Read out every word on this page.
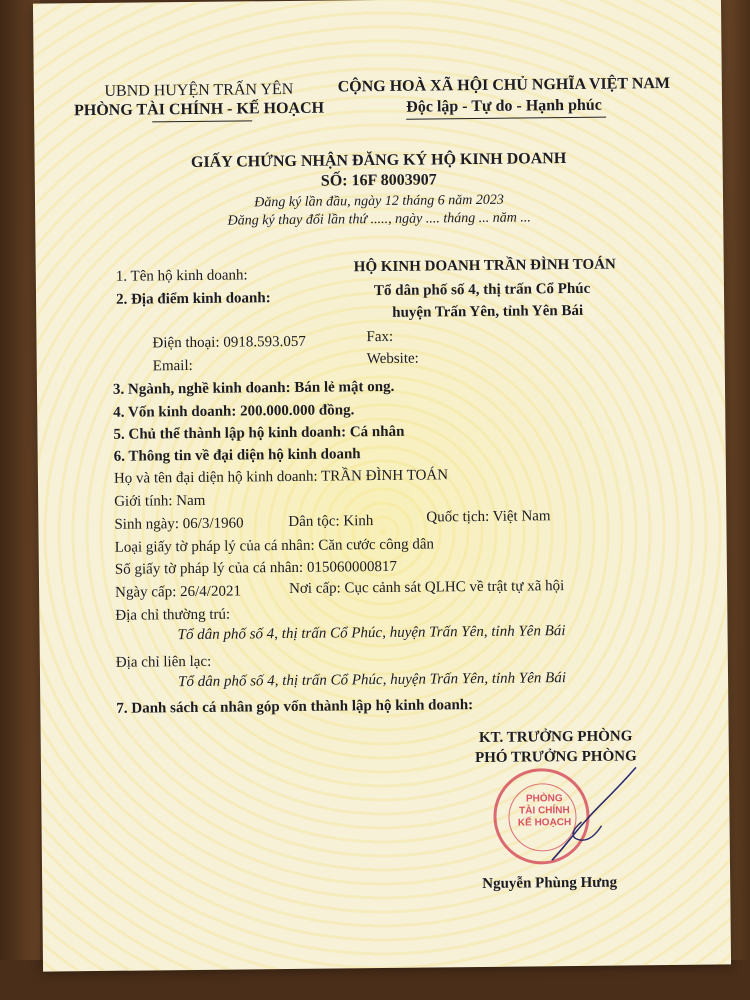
UBND HUYỆN TRẤN YÊN
PHÒNG TÀI CHÍNH - KẾ HOẠCH
CỘNG HOÀ XÃ HỘI CHỦ NGHĨA VIỆT NAM
Độc lập - Tự do - Hạnh phúc
GIẤY CHỨNG NHẬN ĐĂNG KÝ HỘ KINH DOANH
SỐ: 16F 8003907
Đăng ký lần đầu, ngày 12 tháng 6 năm 2023
Đăng ký thay đổi lần thứ ....., ngày .... tháng ... năm ...
1. Tên hộ kinh doanh:
HỘ KINH DOANH TRẦN ĐÌNH TOÁN
2. Địa điểm kinh doanh:	Tổ dân phố số 4, thị trấn Cổ Phúc
huyện Trấn Yên, tỉnh Yên Bái
Điện thoại: 0918.593.057	Fax:
Email:	Website:
3. Ngành, nghề kinh doanh: Bán lẻ mật ong.
4. Vốn kinh doanh: 200.000.000 đồng.
5. Chủ thể thành lập hộ kinh doanh: Cá nhân
6. Thông tin về đại diện hộ kinh doanh
Họ và tên đại diện hộ kinh doanh: TRẦN ĐÌNH TOÁN
Giới tính: Nam
Sinh ngày: 06/3/1960	Dân tộc: Kinh	Quốc tịch: Việt Nam
Loại giấy tờ pháp lý của cá nhân: Căn cước công dân
Số giấy tờ pháp lý của cá nhân: 015060000817
Ngày cấp: 26/4/2021	Nơi cấp: Cục cảnh sát QLHC về trật tự xã hội
Địa chỉ thường trú:
Tổ dân phố số 4, thị trấn Cổ Phúc, huyện Trấn Yên, tỉnh Yên Bái
Địa chỉ liên lạc:
Tổ dân phố số 4, thị trấn Cổ Phúc, huyện Trấn Yên, tỉnh Yên Bái
7. Danh sách cá nhân góp vốn thành lập hộ kinh doanh:
KT. TRƯỞNG PHÒNG
PHÓ TRƯỞNG PHÒNG
PHÒNG
TÀI CHÍNH
KẾ HOẠCH
Nguyễn Phùng Hưng
